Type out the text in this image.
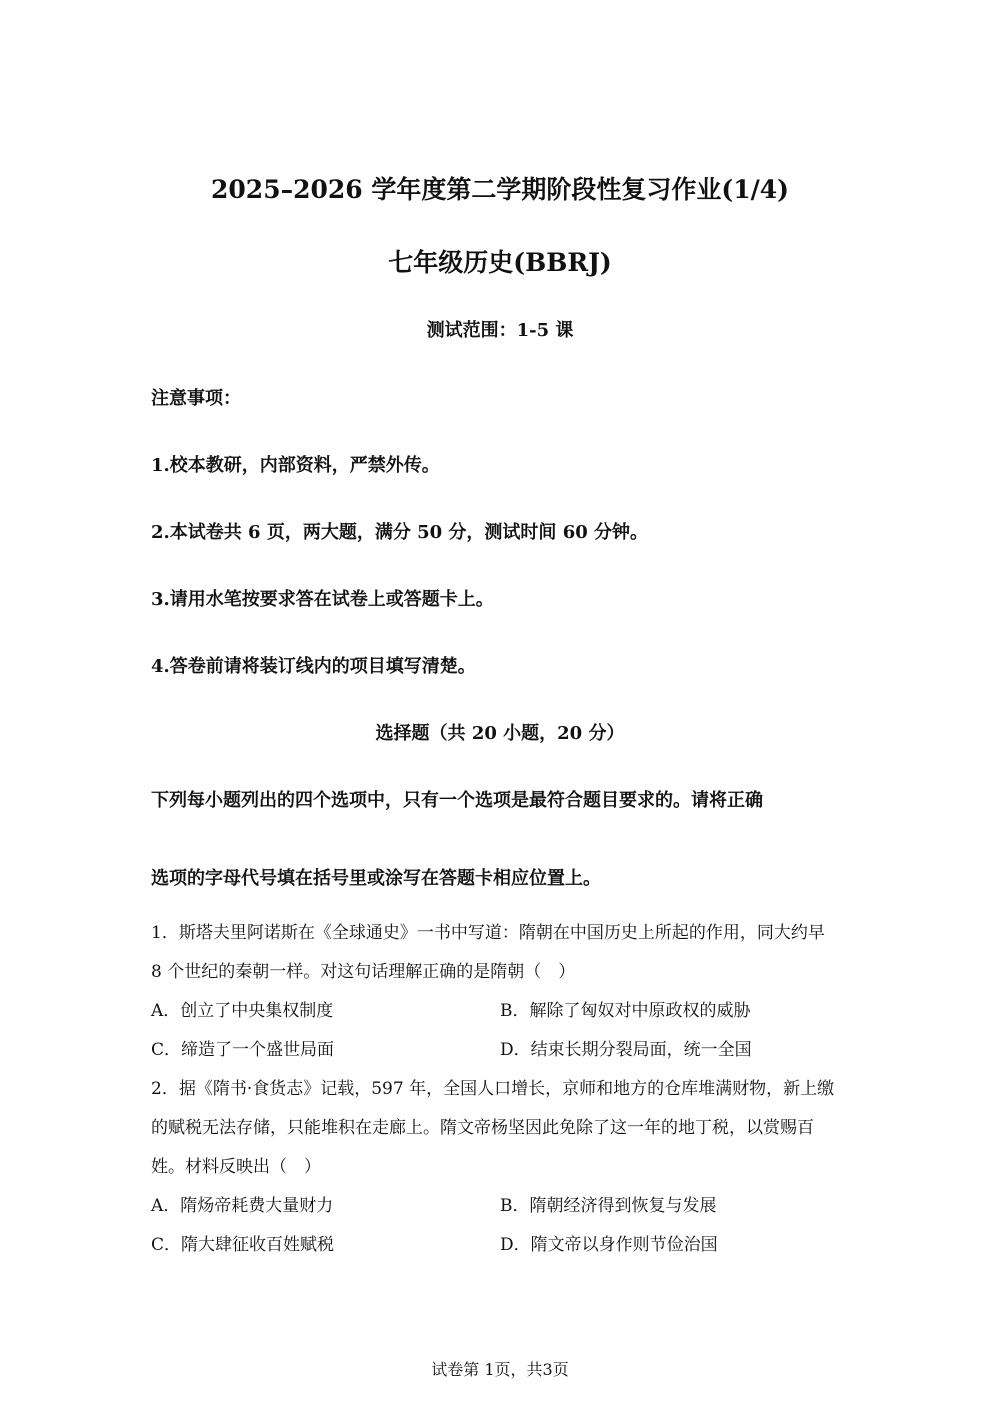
2025–2026 学年度第二学期阶段性复习作业(1/4)
七年级历史(BBRJ)
测试范围：1-5 课
注意事项：
1.校本教研，内部资料，严禁外传。
2.本试卷共 6 页，两大题，满分 50 分，测试时间 60 分钟。
3.请用水笔按要求答在试卷上或答题卡上。
4.答卷前请将装订线内的项目填写清楚。
选择题（共 20 小题，20 分）
下列每小题列出的四个选项中，只有一个选项是最符合题目要求的。请将正确
选项的字母代号填在括号里或涂写在答题卡相应位置上。
1．斯塔夫里阿诺斯在《全球通史》一书中写道：隋朝在中国历史上所起的作用，同大约早
8 个世纪的秦朝一样。对这句话理解正确的是隋朝（　）
A．创立了中央集权制度	B．解除了匈奴对中原政权的威胁
C．缔造了一个盛世局面	D．结束长期分裂局面，统一全国
2．据《隋书·食货志》记载，597 年，全国人口增长，京师和地方的仓库堆满财物，新上缴
的赋税无法存储，只能堆积在走廊上。隋文帝杨坚因此免除了这一年的地丁税，以赏赐百
姓。材料反映出（　）
A．隋炀帝耗费大量财力	B．隋朝经济得到恢复与发展
C．隋大肆征收百姓赋税	D．隋文帝以身作则节俭治国
试卷第 1页，共3页
